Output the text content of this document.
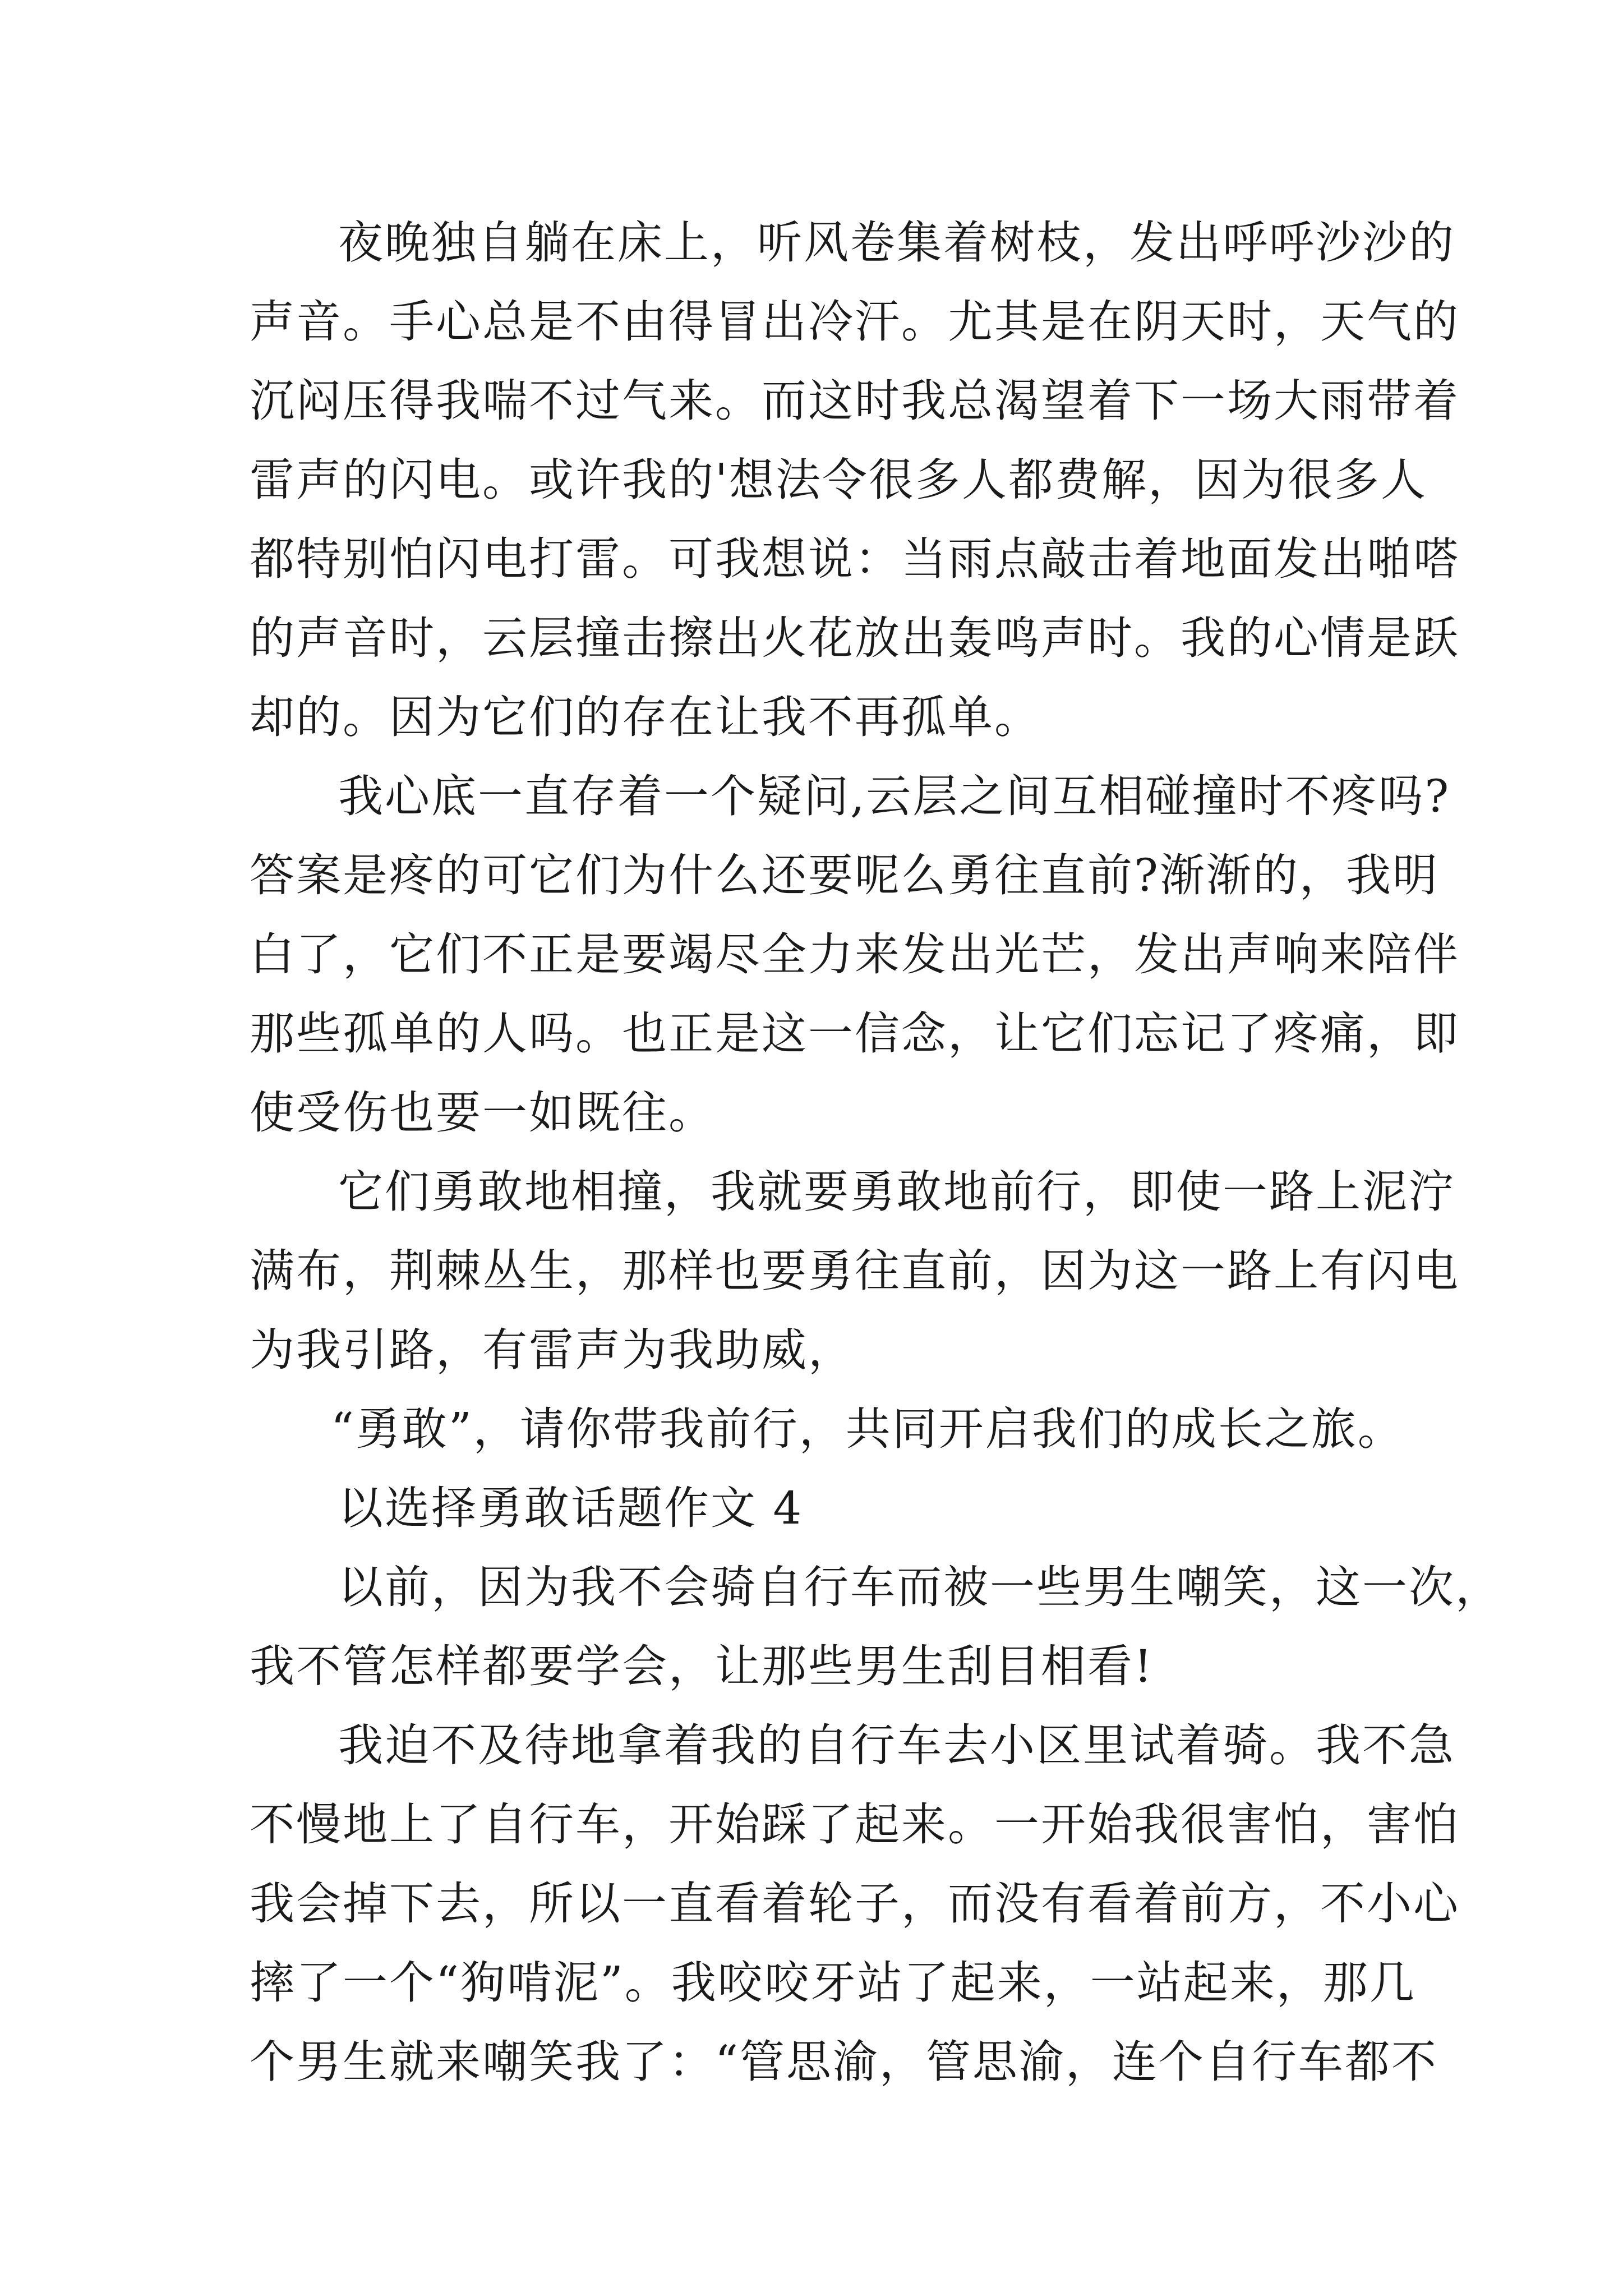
夜晚独自躺在床上，听风卷集着树枝，发出呼呼沙沙的
声音。手心总是不由得冒出冷汗。尤其是在阴天时，天气的
沉闷压得我喘不过气来。而这时我总渴望着下一场大雨带着
雷声的闪电。或许我的'想法令很多人都费解，因为很多人
都特别怕闪电打雷。可我想说：当雨点敲击着地面发出啪嗒
的声音时，云层撞击擦出火花放出轰鸣声时。我的心情是跃
却的。因为它们的存在让我不再孤单。
我心底一直存着一个疑问,云层之间互相碰撞时不疼吗?
答案是疼的可它们为什么还要呢么勇往直前?渐渐的，我明
白了，它们不正是要竭尽全力来发出光芒，发出声响来陪伴
那些孤单的人吗。也正是这一信念，让它们忘记了疼痛，即
使受伤也要一如既往。
它们勇敢地相撞，我就要勇敢地前行，即使一路上泥泞
满布，荆棘丛生，那样也要勇往直前，因为这一路上有闪电
为我引路，有雷声为我助威，
“勇敢”，请你带我前行，共同开启我们的成长之旅。
以选择勇敢话题作文 4
以前，因为我不会骑自行车而被一些男生嘲笑，这一次，
我不管怎样都要学会，让那些男生刮目相看!
我迫不及待地拿着我的自行车去小区里试着骑。我不急
不慢地上了自行车，开始踩了起来。一开始我很害怕，害怕
我会掉下去，所以一直看着轮子，而没有看着前方，不小心
摔了一个“狗啃泥”。我咬咬牙站了起来，一站起来，那几
个男生就来嘲笑我了：“管思渝，管思渝，连个自行车都不
